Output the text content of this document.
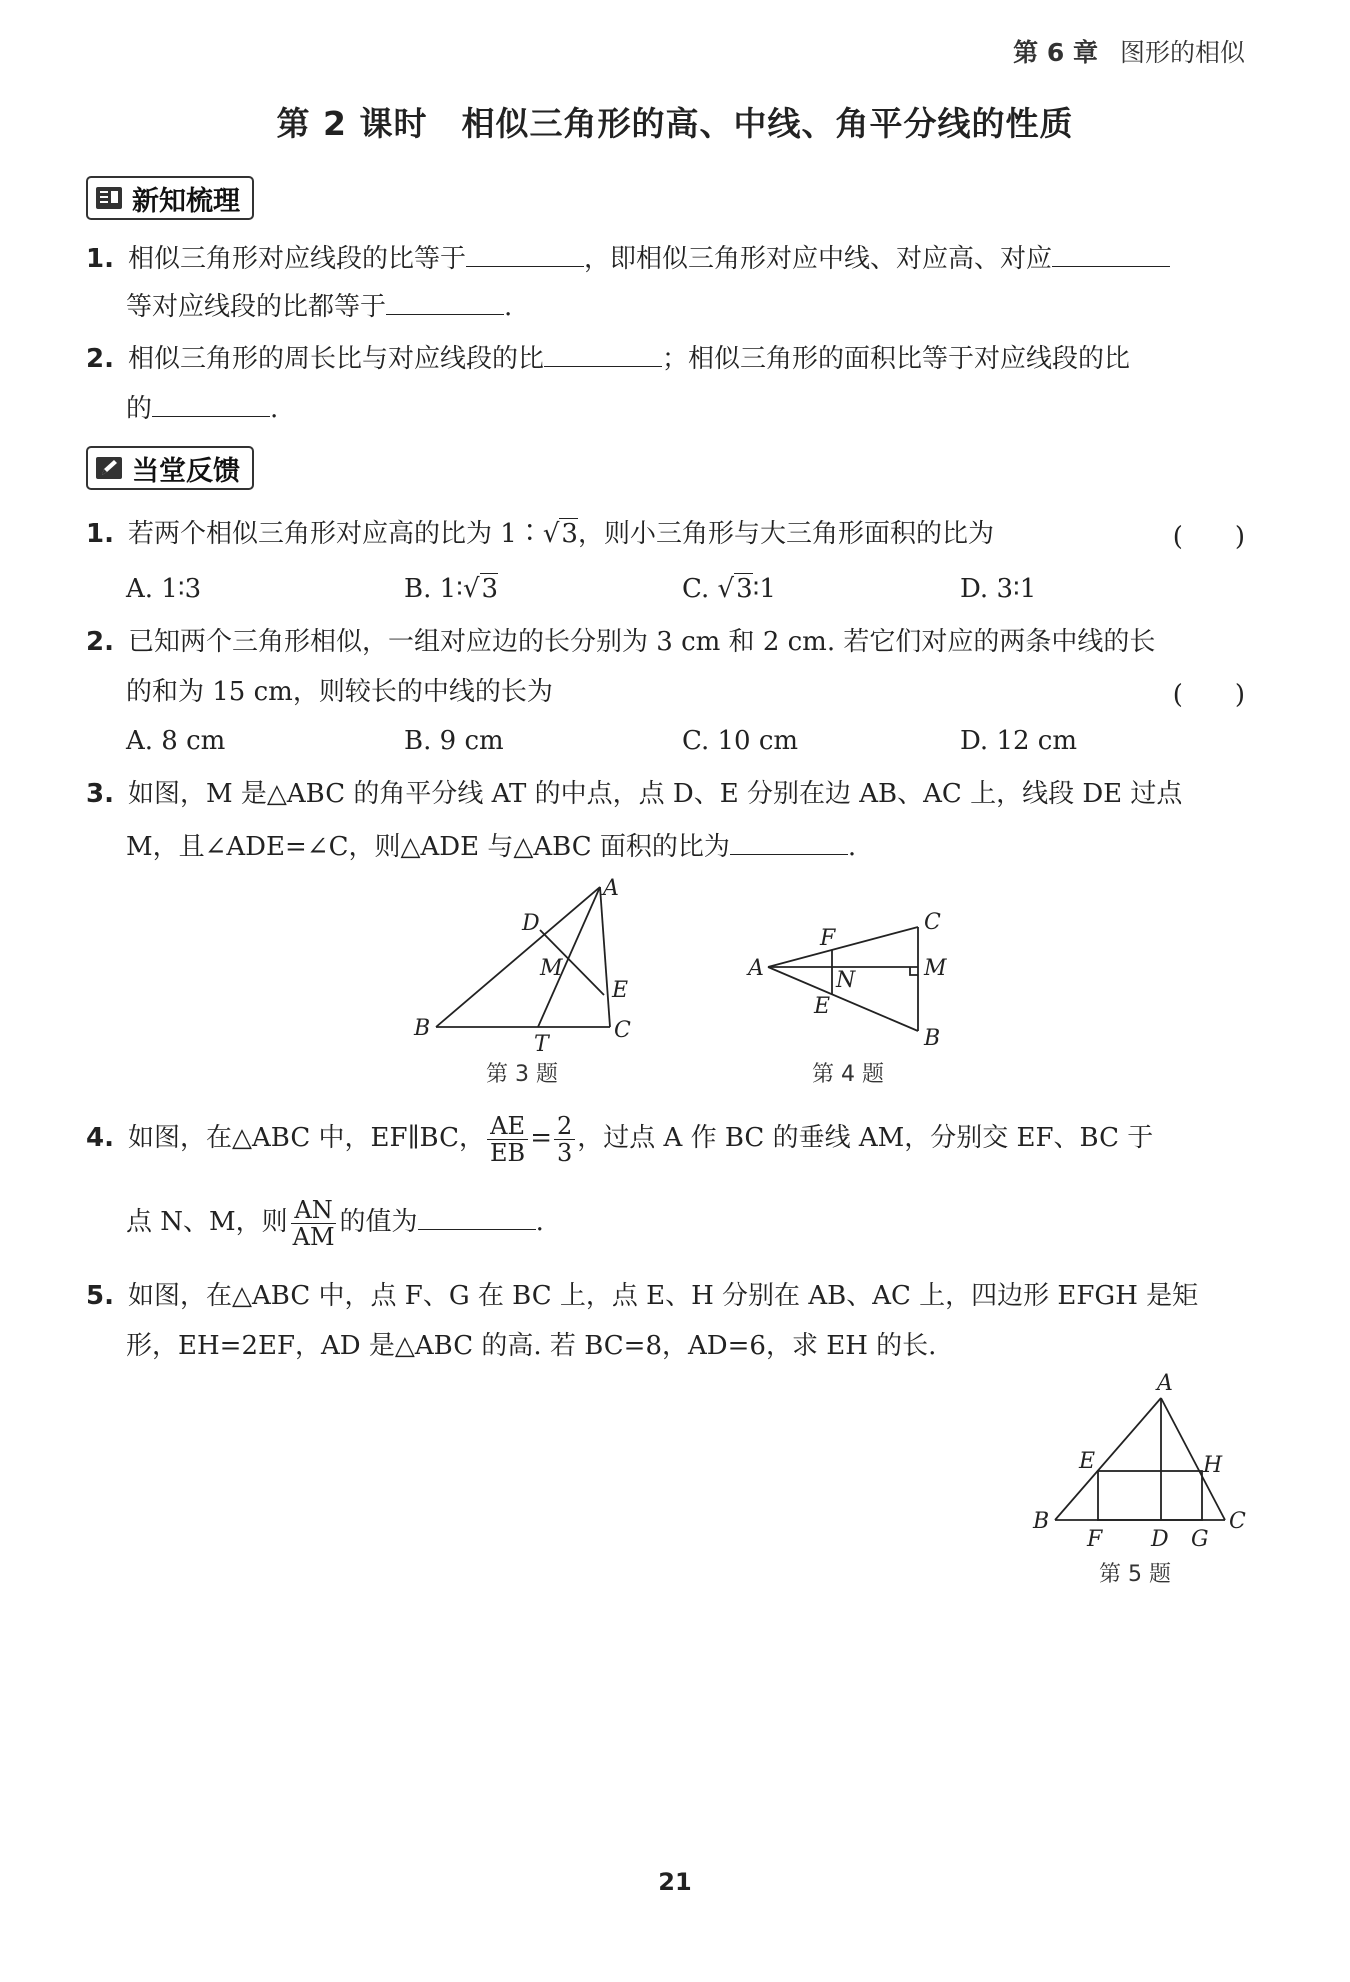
第 6 章 图形的相似
第 2 课时　相似三角形的高、中线、角平分线的性质
新知梳理
1. 相似三角形对应线段的比等于	，即相似三角形对应中线、对应高、对应
等对应线段的比都等于	.
2. 相似三角形的周长比与对应线段的比	；相似三角形的面积比等于对应线段的比
的	.
当堂反馈
1. 若两个相似三角形对应高的比为 1∶√3，则小三角形与大三角形面积的比为	(　　)
A. 1∶3	B. 1∶√3	C. √3∶1	D. 3∶1
2. 已知两个三角形相似，一组对应边的长分别为 3 cm 和 2 cm. 若它们对应的两条中线的长
的和为 15 cm，则较长的中线的长为	(　　)
A. 8 cm	B. 9 cm	C. 10 cm	D. 12 cm
3. 如图，M 是△ABC 的角平分线 AT 的中点，点 D、E 分别在边 AB、AC 上，线段 DE 过点
M，且∠ADE=∠C，则△ADE 与△ABC 面积的比为	.
A
B	C
D
E
M
T
第 3 题
A
C
B
M
F
N
E
第 4 题
4. 如图，在△ABC 中，EF∥BC， $\frac{AE}{EB} = \frac{2}{3}$ ，过点 A 作 BC 的垂线 AM，分别交 EF、BC 于
点 N、M，则 $\frac{AN}{AM}$ 的值为	.
5. 如图，在△ABC 中，点 F、G 在 BC 上，点 E、H 分别在 AB、AC 上，四边形 EFGH 是矩
形，EH=2EF，AD 是△ABC 的高. 若 BC=8，AD=6，求 EH 的长.
A
B	C
E	H
F D G
第 5 题
21
